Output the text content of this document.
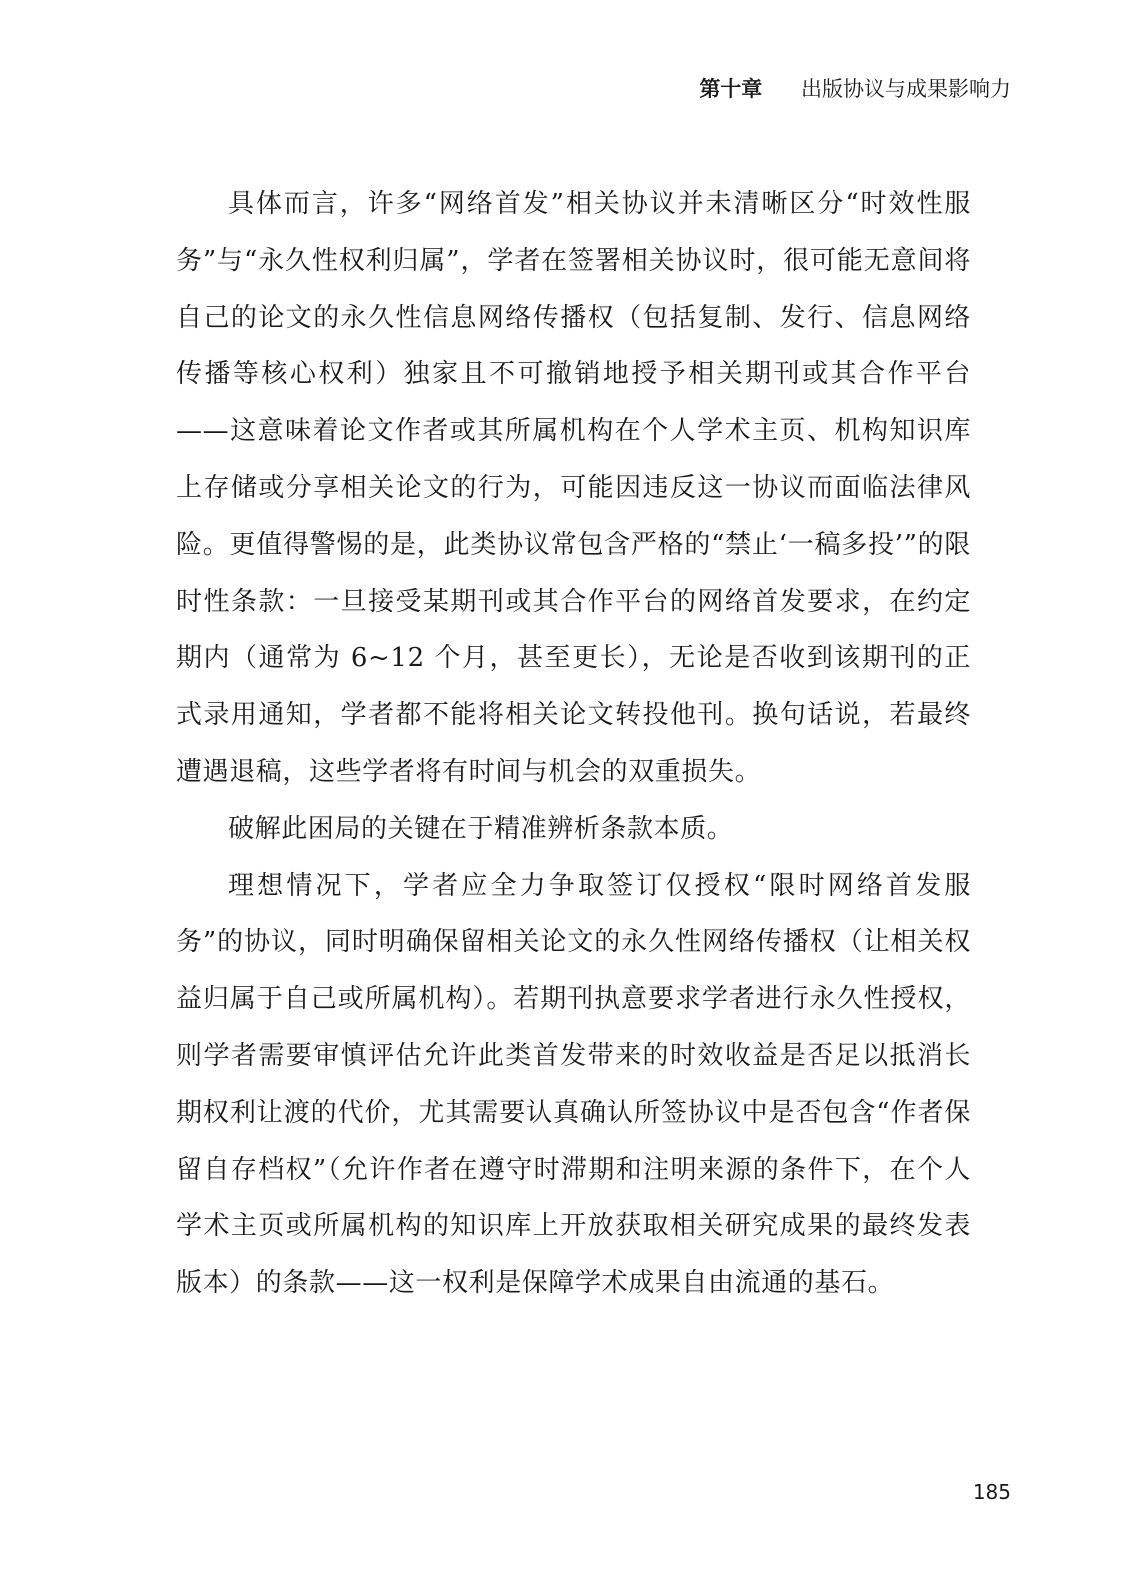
第十章 出版协议与成果影响力

具体而言，许多“网络首发”相关协议并未清晰区分“时效性服务”与“永久性权利归属”，学者在签署相关协议时，很可能无意间将自己的论文的永久性信息网络传播权（包括复制、发行、信息网络传播等核心权利）独家且不可撤销地授予相关期刊或其合作平台——这意味着论文作者或其所属机构在个人学术主页、机构知识库上存储或分享相关论文的行为，可能因违反这一协议而面临法律风险。更值得警惕的是，此类协议常包含严格的“禁止‘一稿多投’”的限时性条款：一旦接受某期刊或其合作平台的网络首发要求，在约定期内（通常为 6~12 个月，甚至更长），无论是否收到该期刊的正式录用通知，学者都不能将相关论文转投他刊。换句话说，若最终遭遇退稿，这些学者将有时间与机会的双重损失。

破解此困局的关键在于精准辨析条款本质。

理想情况下，学者应全力争取签订仅授权“限时网络首发服务”的协议，同时明确保留相关论文的永久性网络传播权（让相关权益归属于自己或所属机构）。若期刊执意要求学者进行永久性授权，则学者需要审慎评估允许此类首发带来的时效收益是否足以抵消长期权利让渡的代价，尤其需要认真确认所签协议中是否包含“作者保留自存档权”（允许作者在遵守时滞期和注明来源的条件下，在个人学术主页或所属机构的知识库上开放获取相关研究成果的最终发表版本）的条款——这一权利是保障学术成果自由流通的基石。

185
